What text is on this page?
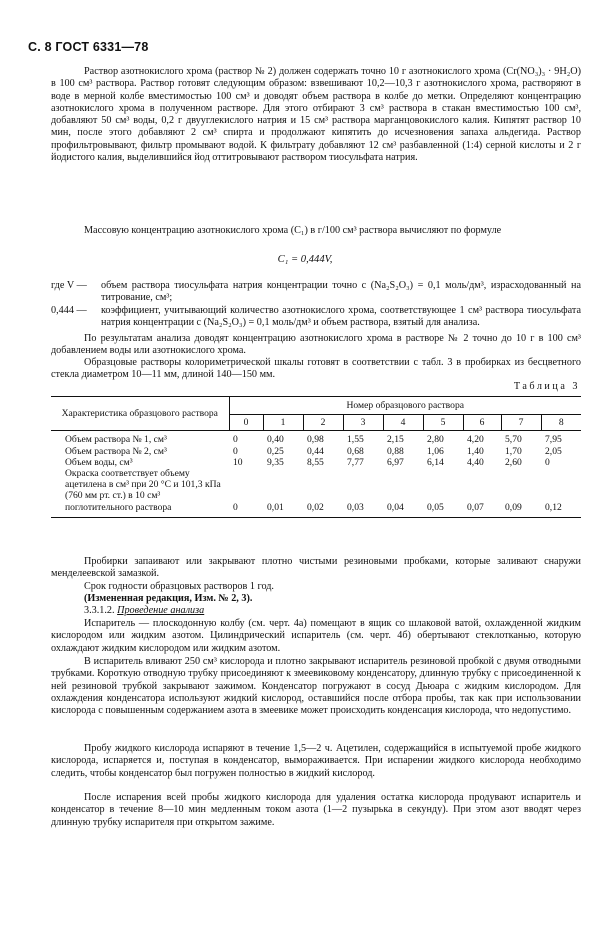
С. 8 ГОСТ 6331—78

Раствор азотнокислого хрома (раствор № 2) должен содержать точно 10 г азотнокислого хрома (Cr(NO₃)₃ · 9H₂O) в 100 см³ раствора. Раствор готовят следующим образом: взвешивают 10,2—10,3 г азотнокислого хрома, растворяют в воде в мерной колбе вместимостью 100 см³ и доводят объем раствора в колбе до метки. Определяют концентрацию азотнокислого хрома в полученном растворе. Для этого отбирают 3 см³ раствора в стакан вместимостью 100 см³, добавляют 50 см³ воды, 0,2 г двууглекислого натрия и 15 см³ раствора марганцовокислого калия. Кипятят раствор 10 мин, после этого добавляют 2 см³ спирта и продолжают кипятить до исчезновения запаха альдегида. Раствор профильтровывают, фильтр промывают водой. К фильтрату добавляют 12 см³ разбавленной (1:4) серной кислоты и 2 г йодистого калия, выделившийся йод оттитровывают раствором тиосульфата натрия.

Массовую концентрацию азотнокислого хрома (C₁) в г/100 см³ раствора вычисляют по формуле

C₁ = 0,444V,
где V —	объем раствора тиосульфата натрия концентрации точно c (Na₂S₂O₃) = 0,1 моль/дм³, израсходованный на титрование, см³;
0,444 —	коэффициент, учитывающий количество азотнокислого хрома, соответствующее 1 см³ раствора тиосульфата натрия концентрации c (Na₂S₂O₃) = 0,1 моль/дм³ и объем раствора, взятый для анализа.

По результатам анализа доводят концентрацию азотнокислого хрома в растворе № 2 точно до 10 г в 100 см³ добавлением воды или азотнокислого хрома.

Образцовые растворы колориметрической шкалы готовят в соответствии с табл. 3 в пробирках из бесцветного стекла диаметром 10—11 мм, длиной 140—150 мм.

Таблица 3
Характеристика образцового раствора	Номер образцового раствора								
	0	1	2	3	4	5	6	7	8
Объем раствора № 1, см³	0	0,40	0,98	1,55	2,15	2,80	4,20	5,70	7,95
Объем раствора № 2, см³	0	0,25	0,44	0,68	0,88	1,06	1,40	1,70	2,05
Объем воды, см³	10	9,35	8,55	7,77	6,97	6,14	4,40	2,60	0
Окраска соответствует объему ацетилена в см³ при 20 °С и 101,3 кПа (760 мм рт. ст.) в 10 см³ поглотительного раствора	0	0,01	0,02	0,03	0,04	0,05	0,07	0,09	0,12

Пробирки запаивают или закрывают плотно чистыми резиновыми пробками, которые заливают снаружи менделеевской замазкой.

Срок годности образцовых растворов 1 год.

(Измененная редакция, Изм. № 2, 3).

3.3.1.2. Проведение анализа

Испаритель — плоскодонную колбу (см. черт. 4а) помещают в ящик со шлаковой ватой, охлажденной жидким кислородом или жидким азотом. Цилиндрический испаритель (см. черт. 4б) обертывают стеклотканью, которую охлаждают жидким кислородом или жидким азотом.

В испаритель вливают 250 см³ кислорода и плотно закрывают испаритель резиновой пробкой с двумя отводными трубками. Короткую отводную трубку присоединяют к змеевиковому конденсатору, длинную трубку с присоединенной к ней резиновой трубкой закрывают зажимом. Конденсатор погружают в сосуд Дьюара с жидким кислородом. Для охлаждения конденсатора используют жидкий кислород, оставшийся после отбора пробы, так как при использовании кислорода с повышенным содержанием азота в змеевике может происходить конденсация кислорода, что недопустимо.

Пробу жидкого кислорода испаряют в течение 1,5—2 ч. Ацетилен, содержащийся в испытуемой пробе жидкого кислорода, испаряется и, поступая в конденсатор, вымораживается. При испарении жидкого кислорода необходимо следить, чтобы конденсатор был погружен полностью в жидкий кислород.

После испарения всей пробы жидкого кислорода для удаления остатка кислорода продувают испаритель и конденсатор в течение 8—10 мин медленным током азота (1—2 пузырька в секунду). При этом азот вводят через длинную трубку испарителя при открытом зажиме.
